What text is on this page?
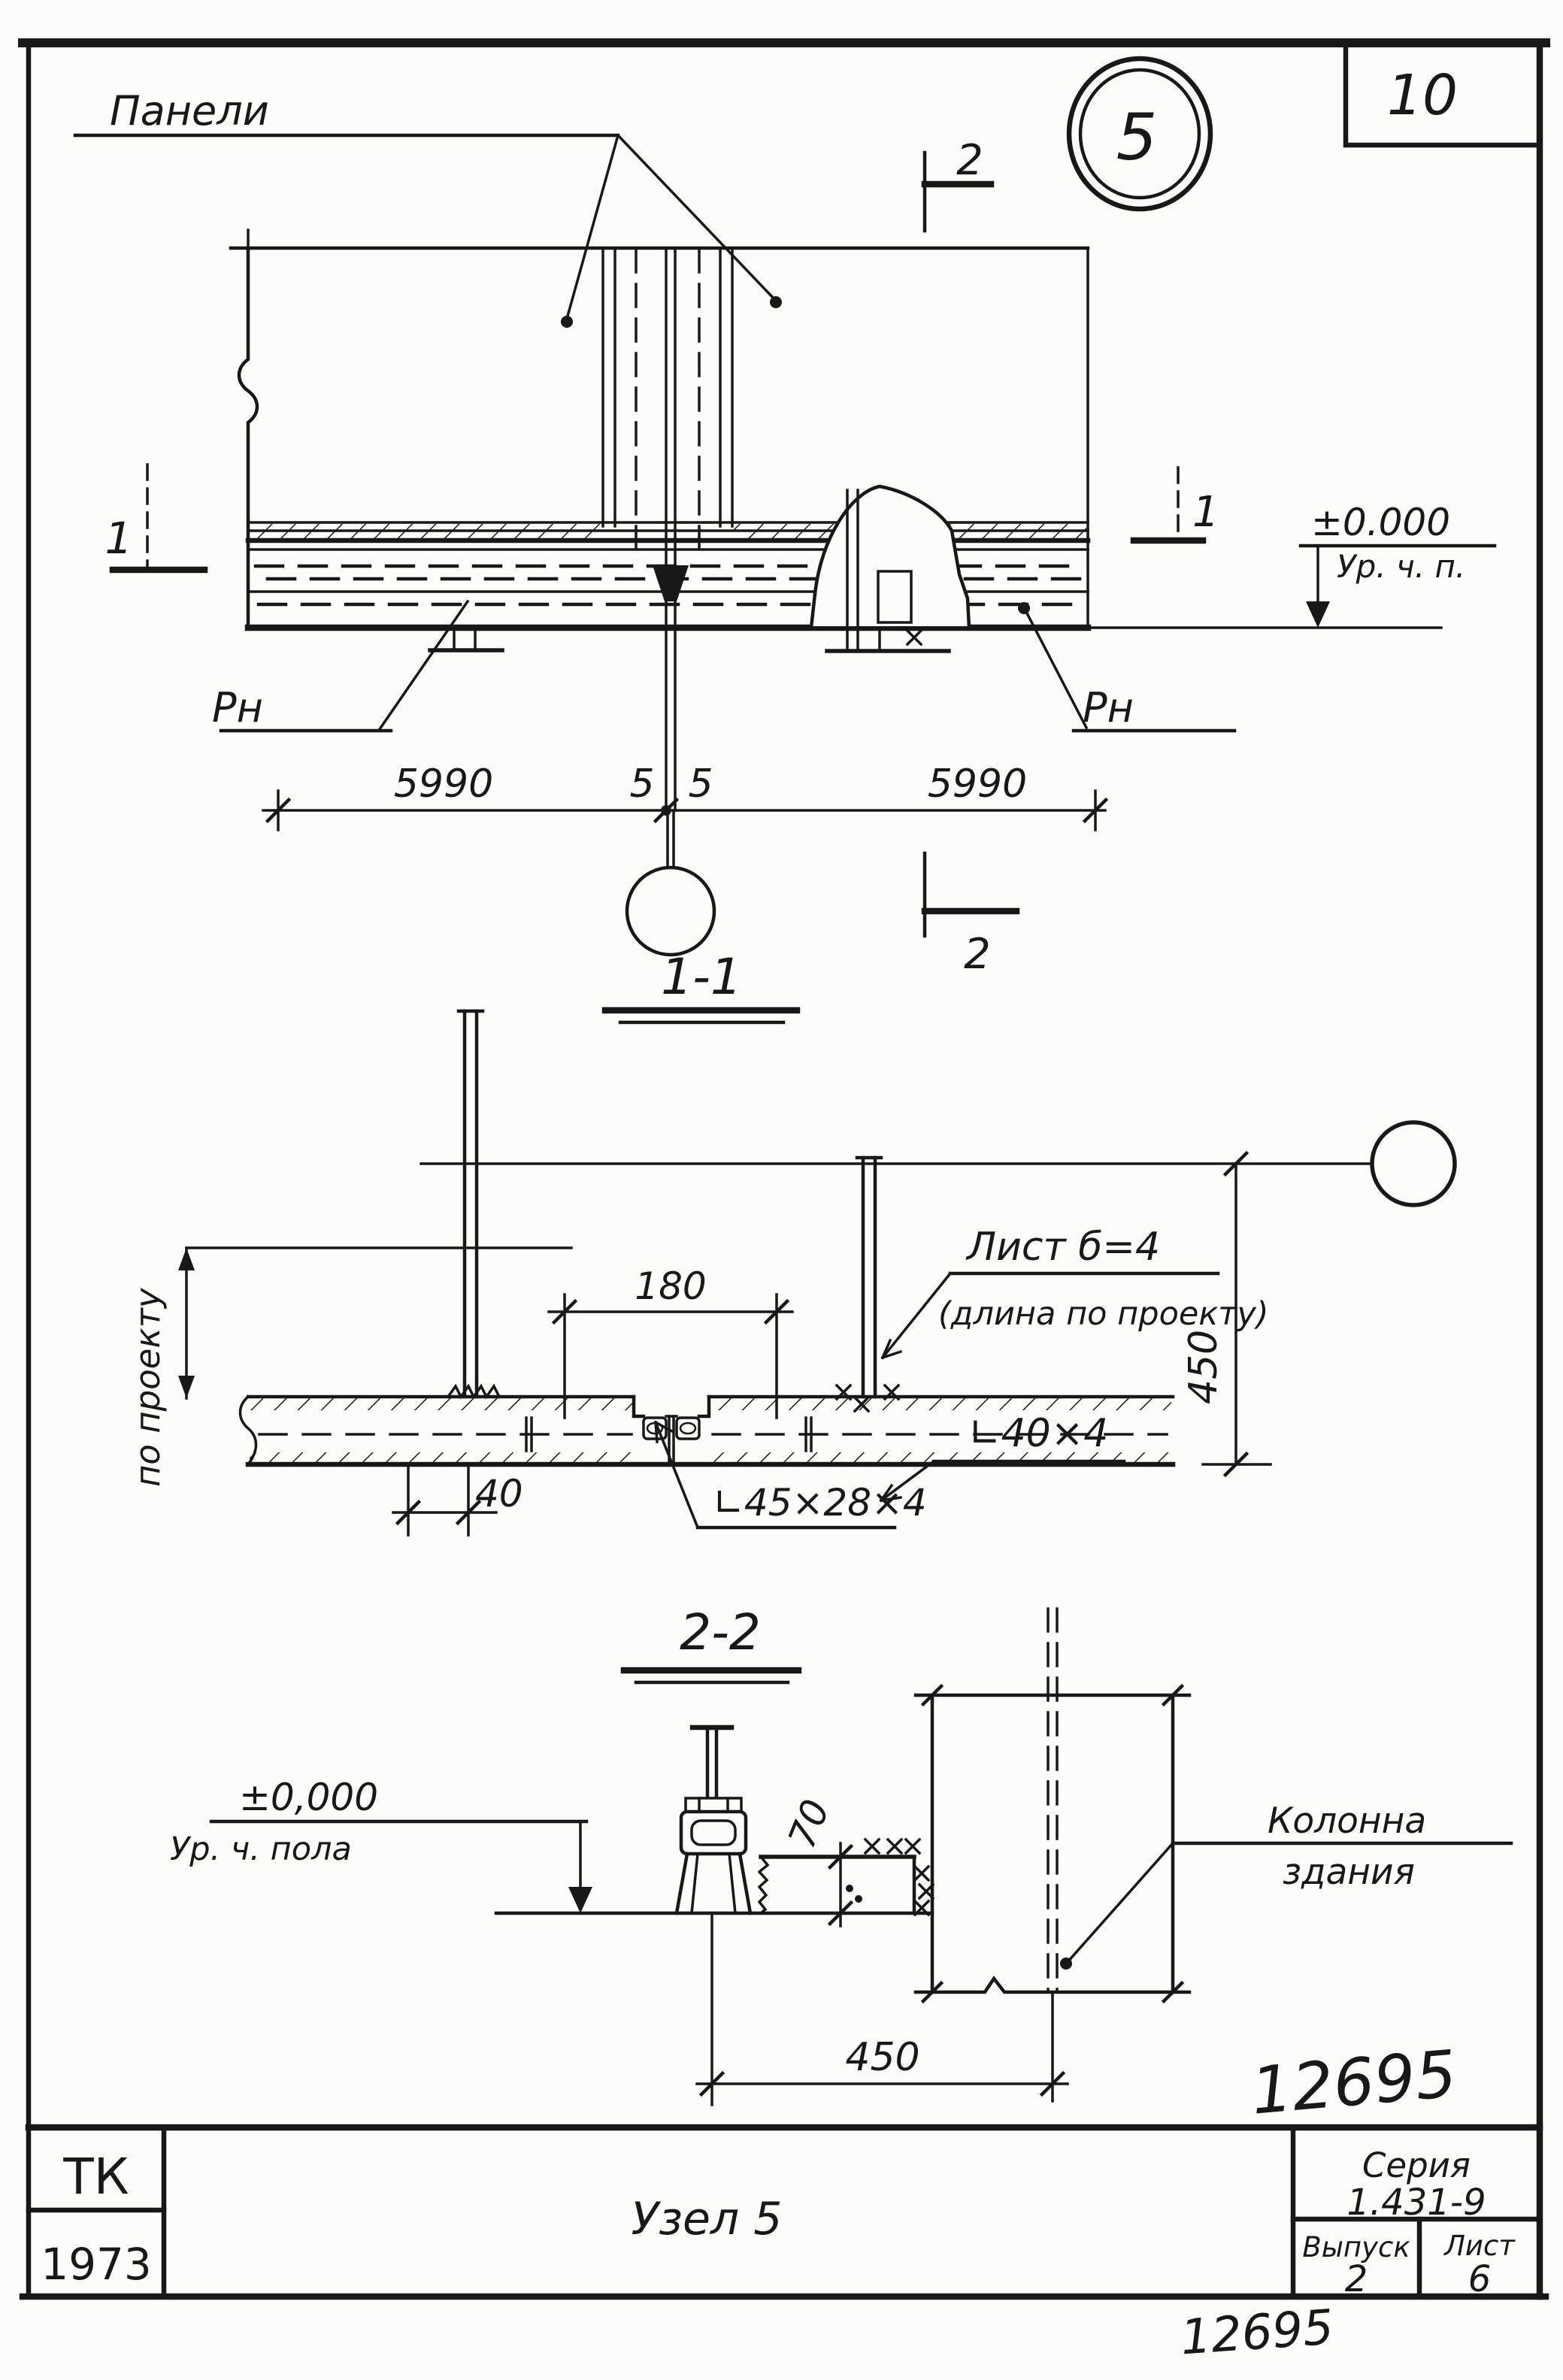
10
5
Панели
Рн	Рн
±0.000
Ур. ч. п.
2
2
1
1
5990	5 5	5990
1-1
по проекту
180
Лист б=4
(длина по проекту)
∟40×4
450
40	∟45×28×4
2-2
±0,000
Ур. ч. пола	70	Колонна
здания
450	12695
12695
ТК
1973
Узел 5
Серия
1.431-9
Выпуск
2
Лист
6
